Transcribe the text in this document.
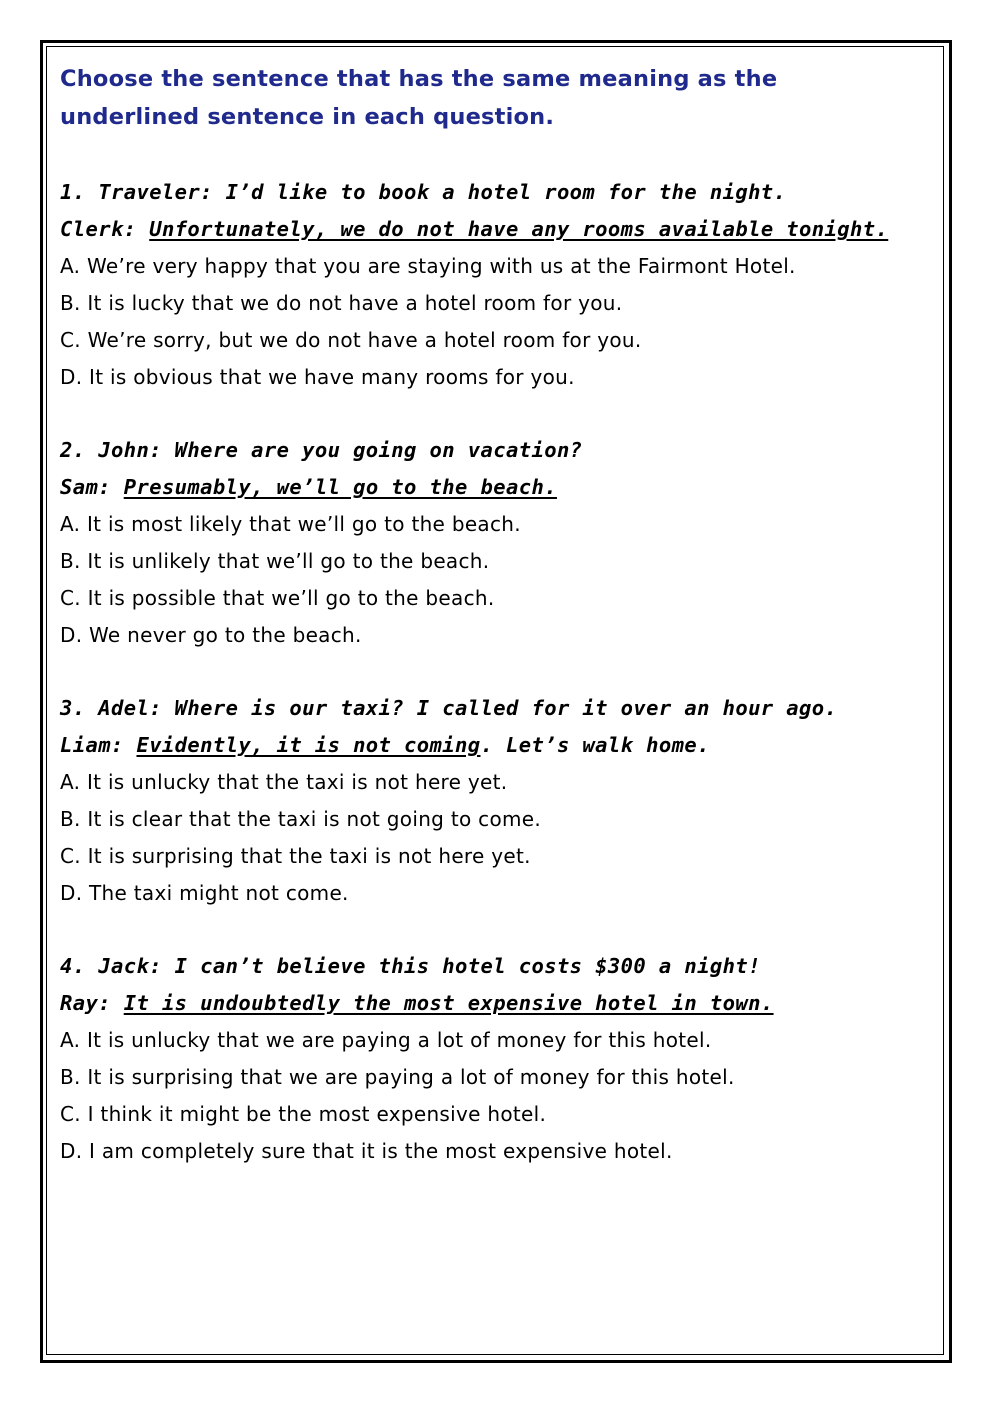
Choose the sentence that has the same meaning as the
underlined sentence in each question.
1. Traveler: I’d like to book a hotel room for the night.
Clerk: Unfortunately, we do not have any rooms available tonight.
A. We’re very happy that you are staying with us at the Fairmont Hotel.
B. It is lucky that we do not have a hotel room for you.
C. We’re sorry, but we do not have a hotel room for you.
D. It is obvious that we have many rooms for you.
2. John: Where are you going on vacation?
Sam: Presumably, we’ll go to the beach.
A. It is most likely that we’ll go to the beach.
B. It is unlikely that we’ll go to the beach.
C. It is possible that we’ll go to the beach.
D. We never go to the beach.
3. Adel: Where is our taxi? I called for it over an hour ago.
Liam: Evidently, it is not coming. Let’s walk home.
A. It is unlucky that the taxi is not here yet.
B. It is clear that the taxi is not going to come.
C. It is surprising that the taxi is not here yet.
D. The taxi might not come.
4. Jack: I can’t believe this hotel costs $300 a night!
Ray: It is undoubtedly the most expensive hotel in town.
A. It is unlucky that we are paying a lot of money for this hotel.
B. It is surprising that we are paying a lot of money for this hotel.
C. I think it might be the most expensive hotel.
D. I am completely sure that it is the most expensive hotel.
